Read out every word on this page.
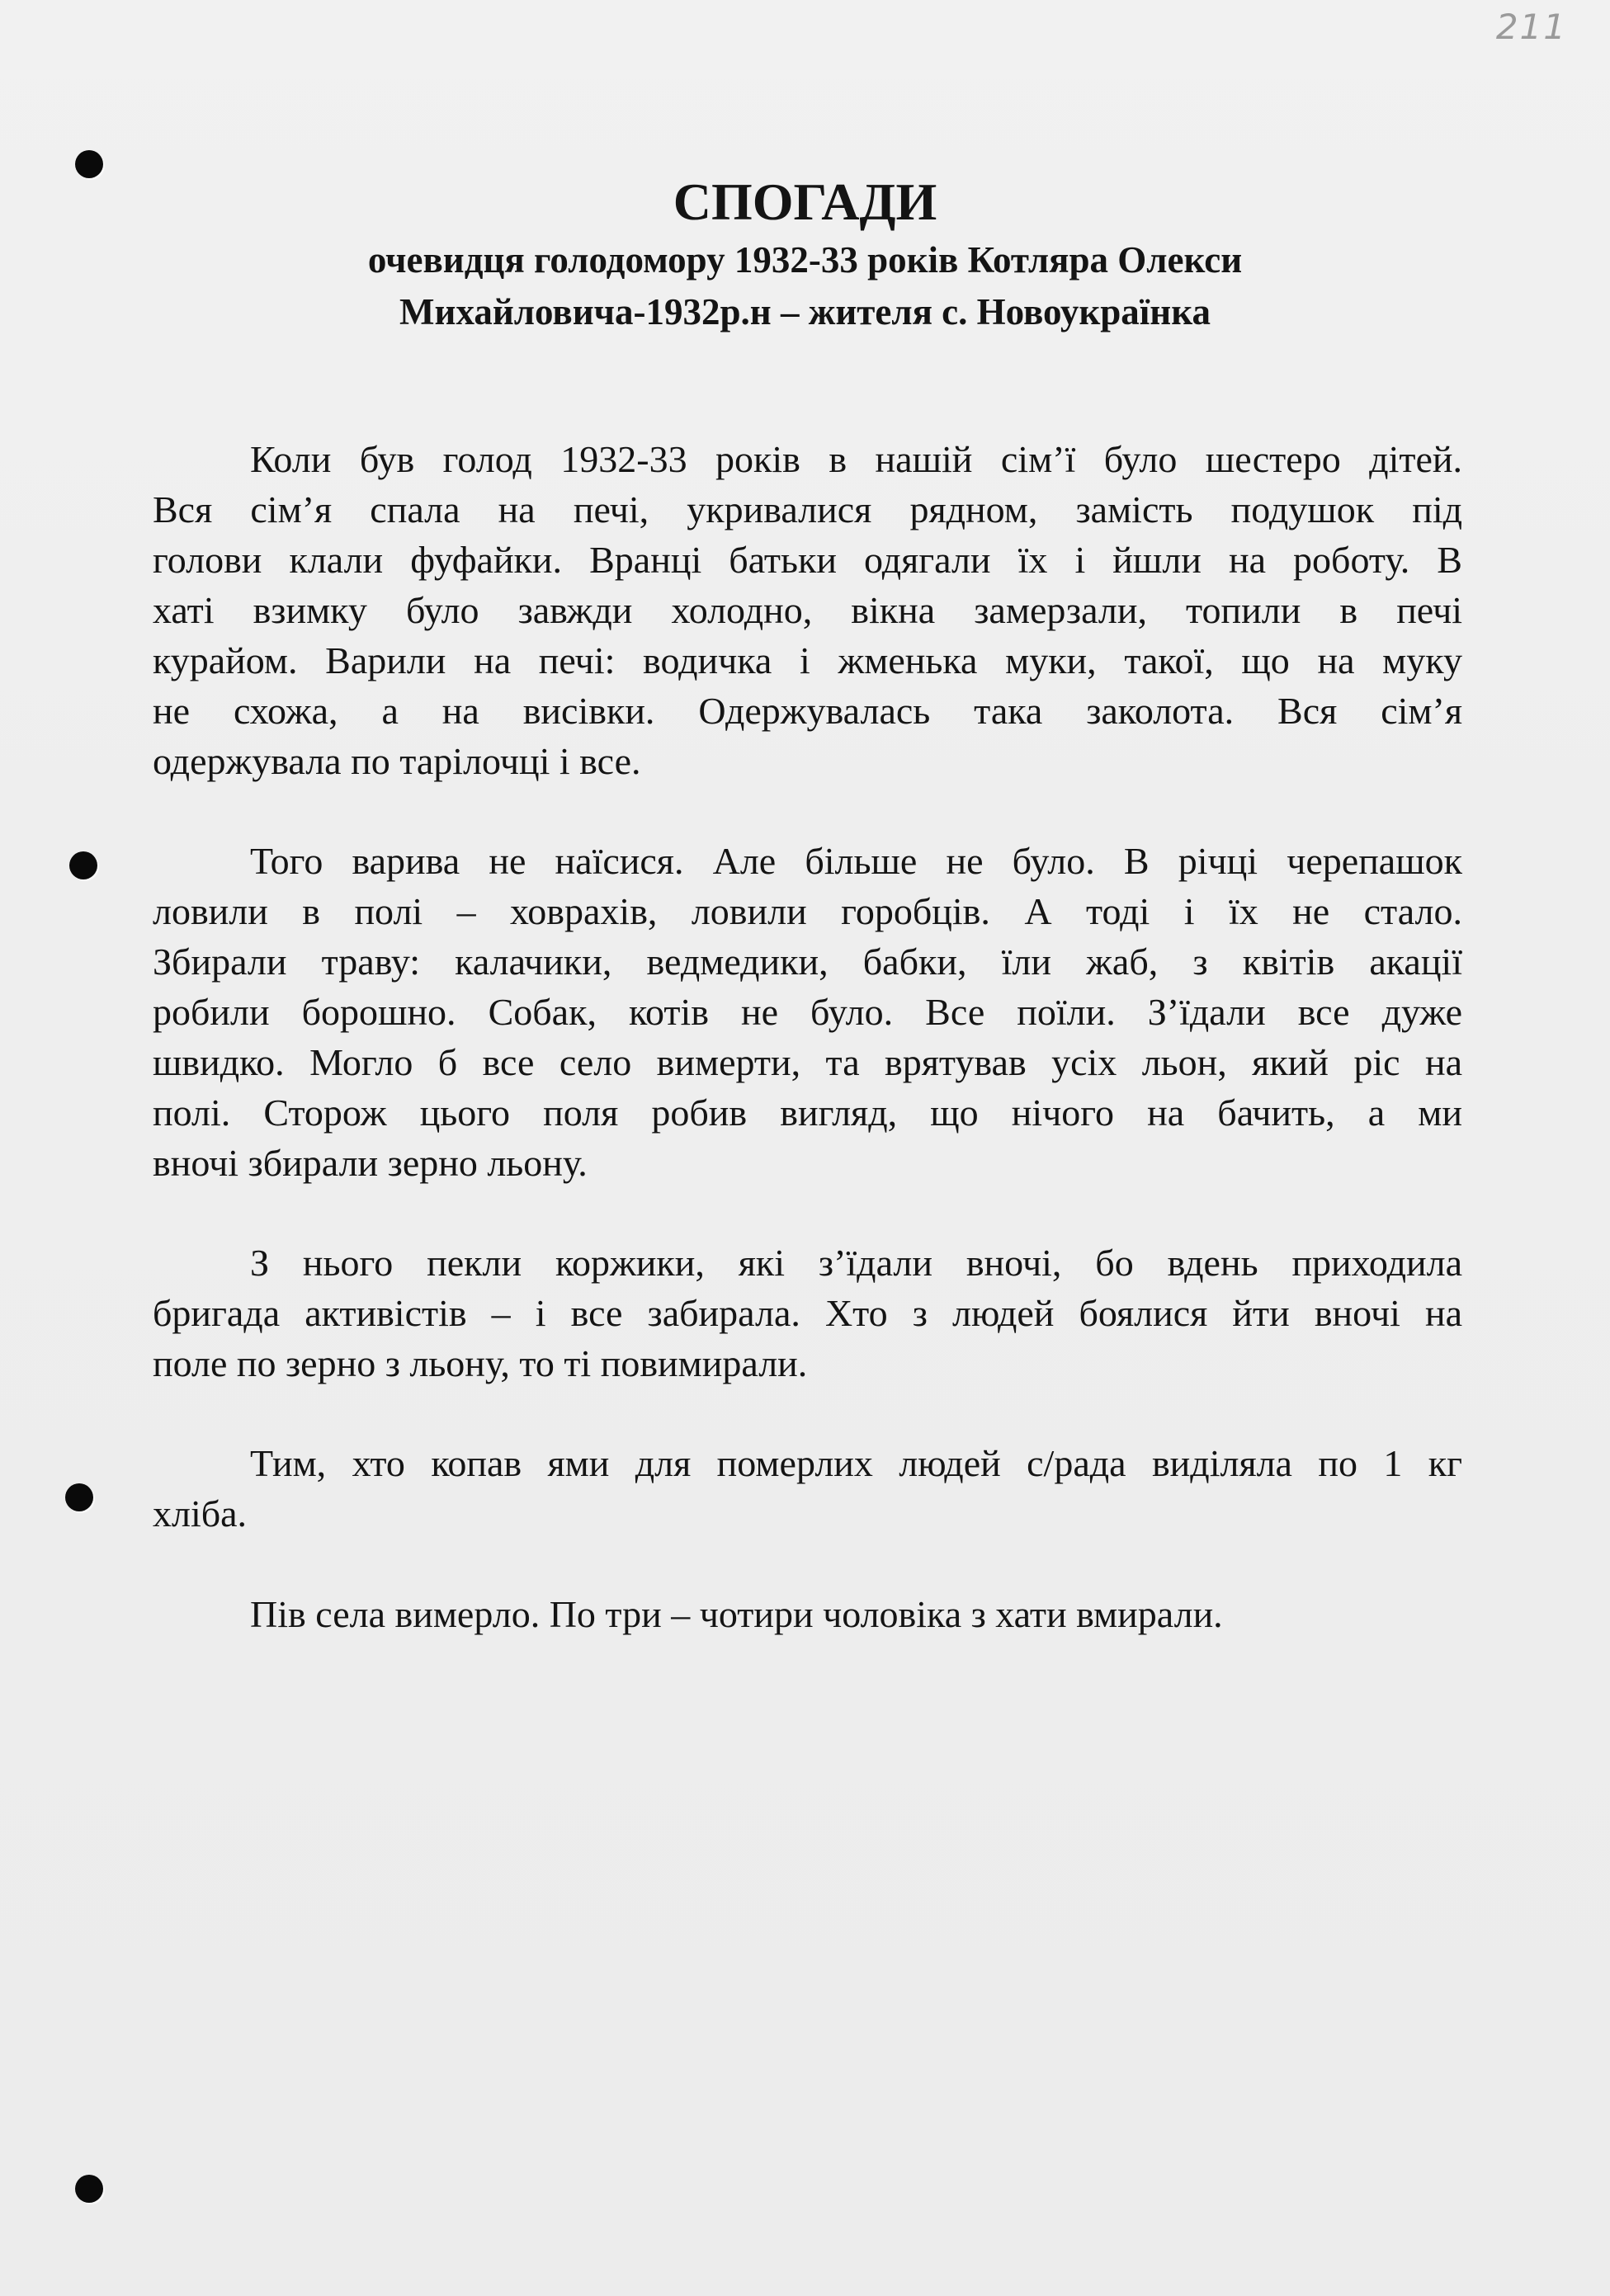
211
СПОГАДИ
очевидця голодомору 1932-33 років Котляра Олекси
Михайловича-1932р.н – жителя с. Новоукраїнка
Коли був голод 1932-33 років в нашій сім’ї було шестеро дітей.
Вся сім’я спала на печі, укривалися рядном, замість подушок під
голови клали фуфайки. Вранці батьки одягали їх і йшли на роботу. В
хаті взимку було завжди холодно, вікна замерзали, топили в печі
курайом. Варили на печі: водичка і жменька муки, такої, що на муку
не схожа, а на висівки. Одержувалась така заколота. Вся сім’я
одержувала по тарілочці і все.
Того варива не наїсися. Але більше не було. В річці черепашок
ловили в полі – ховрахів, ловили горобців. А тоді і їх не стало.
Збирали траву: калачики, ведмедики, бабки, їли жаб, з квітів акації
робили борошно. Собак, котів не було. Все поїли. З’їдали все дуже
швидко. Могло б все село вимерти, та врятував усіх льон, який ріс на
полі. Сторож цього поля робив вигляд, що нічого на бачить, а ми
вночі збирали зерно льону.
З нього пекли коржики, які з’їдали вночі, бо вдень приходила
бригада активістів – і все забирала. Хто з людей боялися йти вночі на
поле по зерно з льону, то ті повимирали.
Тим, хто копав ями для померлих людей с/рада виділяла по 1 кг
хліба.
Пів села вимерло. По три – чотири чоловіка з хати вмирали.
